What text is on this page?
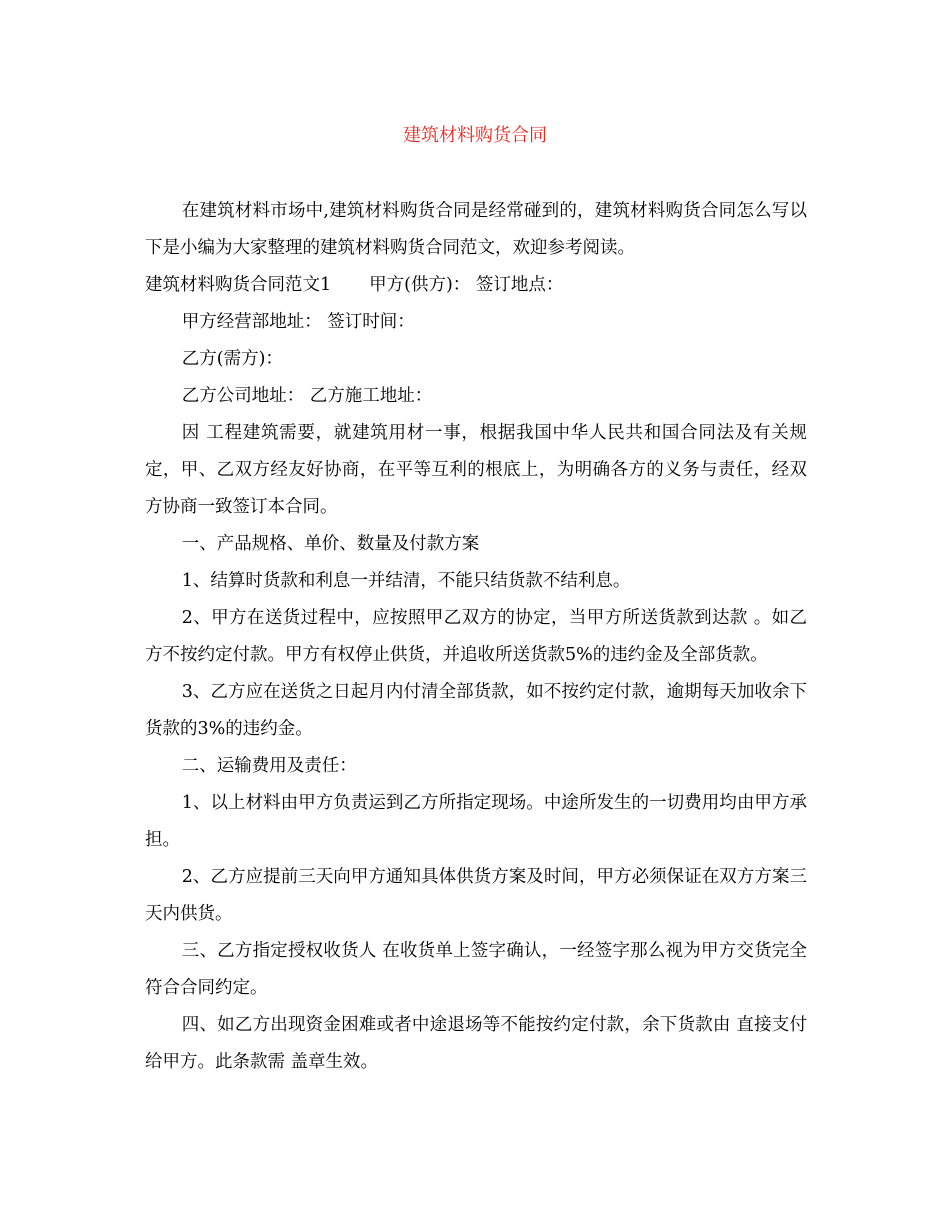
建筑材料购货合同

在建筑材料市场中,建筑材料购货合同是经常碰到的，建筑材料购货合同怎么写以下是小编为大家整理的建筑材料购货合同范文，欢迎参考阅读。

建筑材料购货合同范文1 甲方(供方)： 签订地点：

甲方经营部地址： 签订时间：

乙方(需方)：

乙方公司地址： 乙方施工地址：

因 工程建筑需要，就建筑用材一事，根据我国中华人民共和国合同法及有关规定，甲、乙双方经友好协商，在平等互利的根底上，为明确各方的义务与责任，经双方协商一致签订本合同。

一、产品规格、单价、数量及付款方案

1、结算时货款和利息一并结清，不能只结货款不结利息。

2、甲方在送货过程中，应按照甲乙双方的协定，当甲方所送货款到达款 。如乙方不按约定付款。甲方有权停止供货，并追收所送货款5%的违约金及全部货款。

3、乙方应在送货之日起月内付清全部货款，如不按约定付款，逾期每天加收余下货款的3%的违约金。

二、运输费用及责任：

1、以上材料由甲方负责运到乙方所指定现场。中途所发生的一切费用均由甲方承担。

2、乙方应提前三天向甲方通知具体供货方案及时间，甲方必须保证在双方方案三天内供货。

三、乙方指定授权收货人 在收货单上签字确认，一经签字那么视为甲方交货完全符合合同约定。

四、如乙方出现资金困难或者中途退场等不能按约定付款，余下货款由 直接支付给甲方。此条款需 盖章生效。
